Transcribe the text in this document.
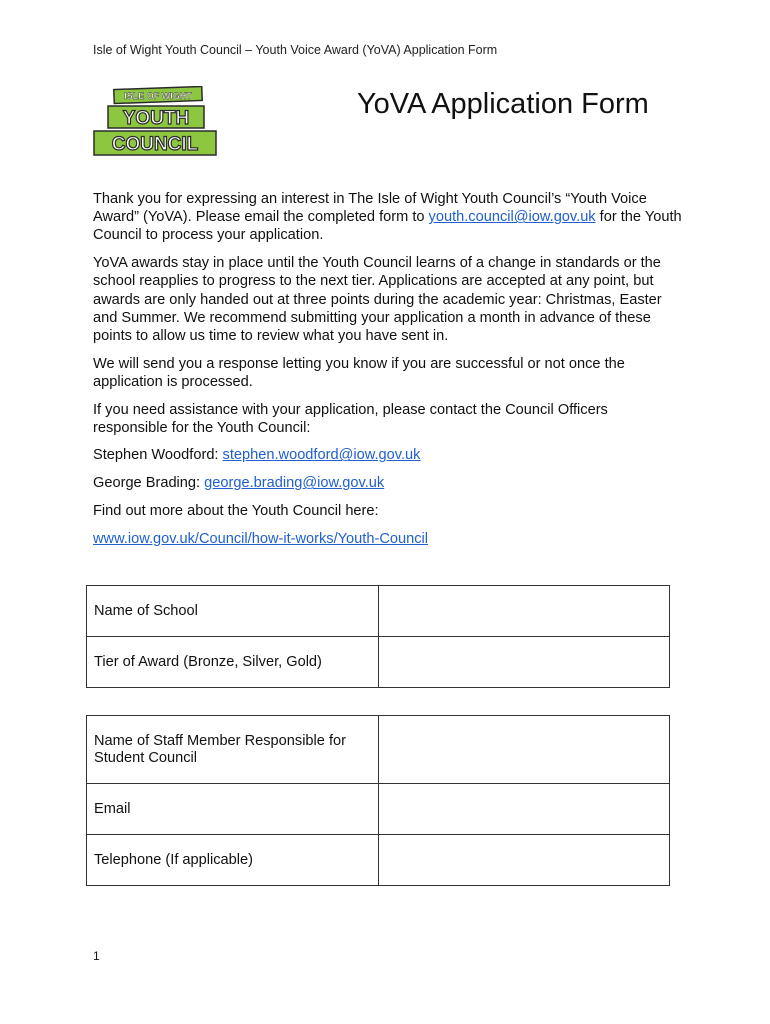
Isle of Wight Youth Council – Youth Voice Award (YoVA) Application Form
ISLE OF WIGHT
YOUTH
COUNCIL
YoVA Application Form

Thank you for expressing an interest in The Isle of Wight Youth Council’s “Youth Voice Award” (YoVA). Please email the completed form to youth.council@iow.gov.uk for the Youth Council to process your application.

YoVA awards stay in place until the Youth Council learns of a change in standards or the school reapplies to progress to the next tier. Applications are accepted at any point, but awards are only handed out at three points during the academic year: Christmas, Easter and Summer. We recommend submitting your application a month in advance of these points to allow us time to review what you have sent in.

We will send you a response letting you know if you are successful or not once the application is processed.

If you need assistance with your application, please contact the Council Officers responsible for the Youth Council:

Stephen Woodford: stephen.woodford@iow.gov.uk

George Brading: george.brading@iow.gov.uk

Find out more about the Youth Council here:

www.iow.gov.uk/Council/how-it-works/Youth-Council

Name of School	
Tier of Award (Bronze, Silver, Gold)	
Name of Staff Member Responsible for Student Council	
Email	
Telephone (If applicable)	
1
